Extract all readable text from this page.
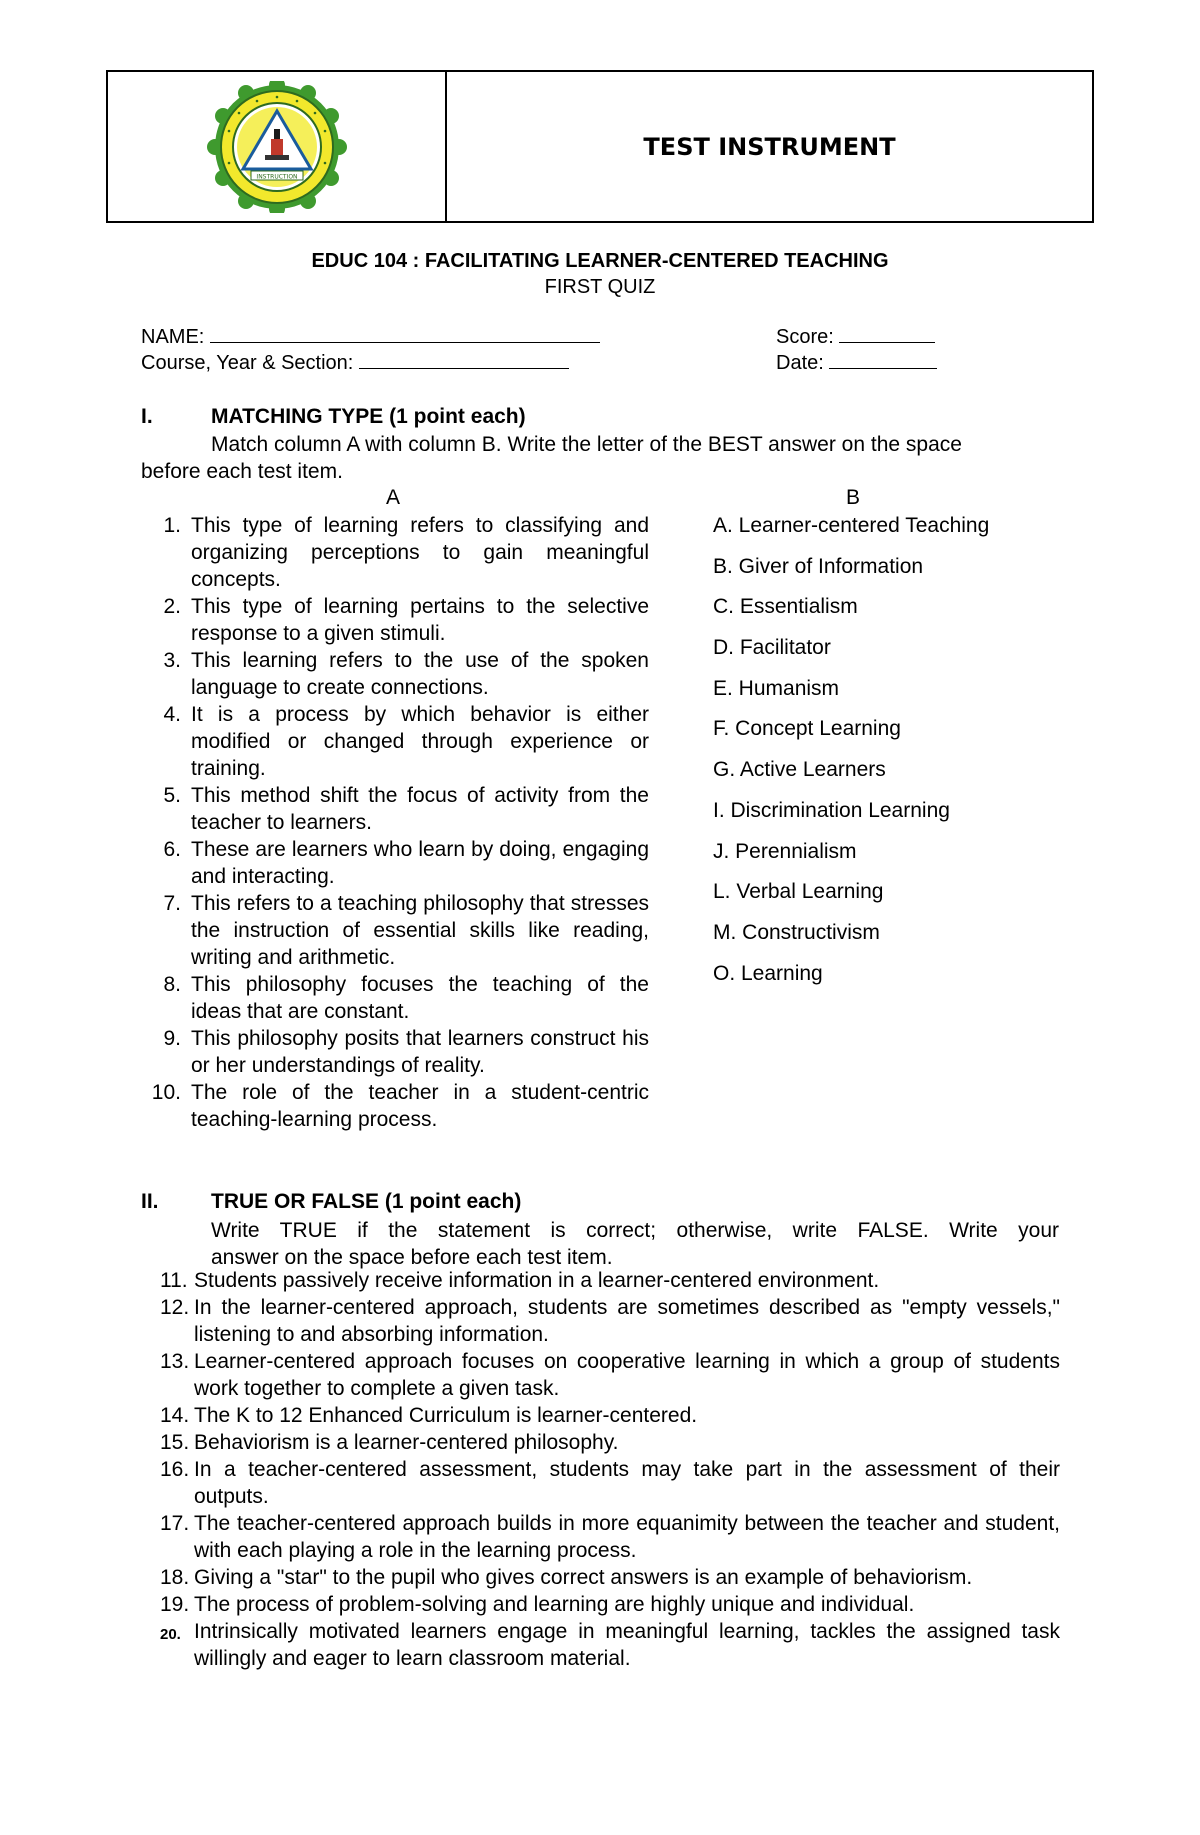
INSTRUCTION
TEST INSTRUMENT
EDUC 104 : FACILITATING LEARNER-CENTERED TEACHING
FIRST QUIZ
NAME:	Score:
Course, Year & Section:	Date:
I.	MATCHING TYPE (1 point each)
Match column A with column B. Write the letter of the BEST answer on the space
before each test item.
A	B
1. This type of learning refers to classifying and organizing perceptions to gain meaningful concepts.
2. This type of learning pertains to the selective response to a given stimuli.
3. This learning refers to the use of the spoken language to create connections.
4. It is a process by which behavior is either modified or changed through experience or training.
5. This method shift the focus of activity from the teacher to learners.
6. These are learners who learn by doing, engaging and interacting.
7. This refers to a teaching philosophy that stresses the instruction of essential skills like reading, writing and arithmetic.
8. This philosophy focuses the teaching of the ideas that are constant.
9. This philosophy posits that learners construct his or her understandings of reality.
10. The role of the teacher in a student-centric teaching-learning process.
A. Learner-centered Teaching
B. Giver of Information
C. Essentialism
D. Facilitator
E. Humanism
F. Concept Learning
G. Active Learners
I. Discrimination Learning
J. Perennialism
L. Verbal Learning
M. Constructivism
O. Learning
II. TRUE OR FALSE (1 point each)
Write TRUE if the statement is correct; otherwise, write FALSE. Write your
answer on the space before each test item.
11. Students passively receive information in a learner-centered environment.
12. In the learner-centered approach, students are sometimes described as "empty vessels," listening to and absorbing information.
13. Learner-centered approach focuses on cooperative learning in which a group of students work together to complete a given task.
14. The K to 12 Enhanced Curriculum is learner-centered.
15. Behaviorism is a learner-centered philosophy.
16. In a teacher-centered assessment, students may take part in the assessment of their outputs.
17. The teacher-centered approach builds in more equanimity between the teacher and student, with each playing a role in the learning process.
18. Giving a "star" to the pupil who gives correct answers is an example of behaviorism.
19. The process of problem-solving and learning are highly unique and individual.
20. Intrinsically motivated learners engage in meaningful learning, tackles the assigned task willingly and eager to learn classroom material.
